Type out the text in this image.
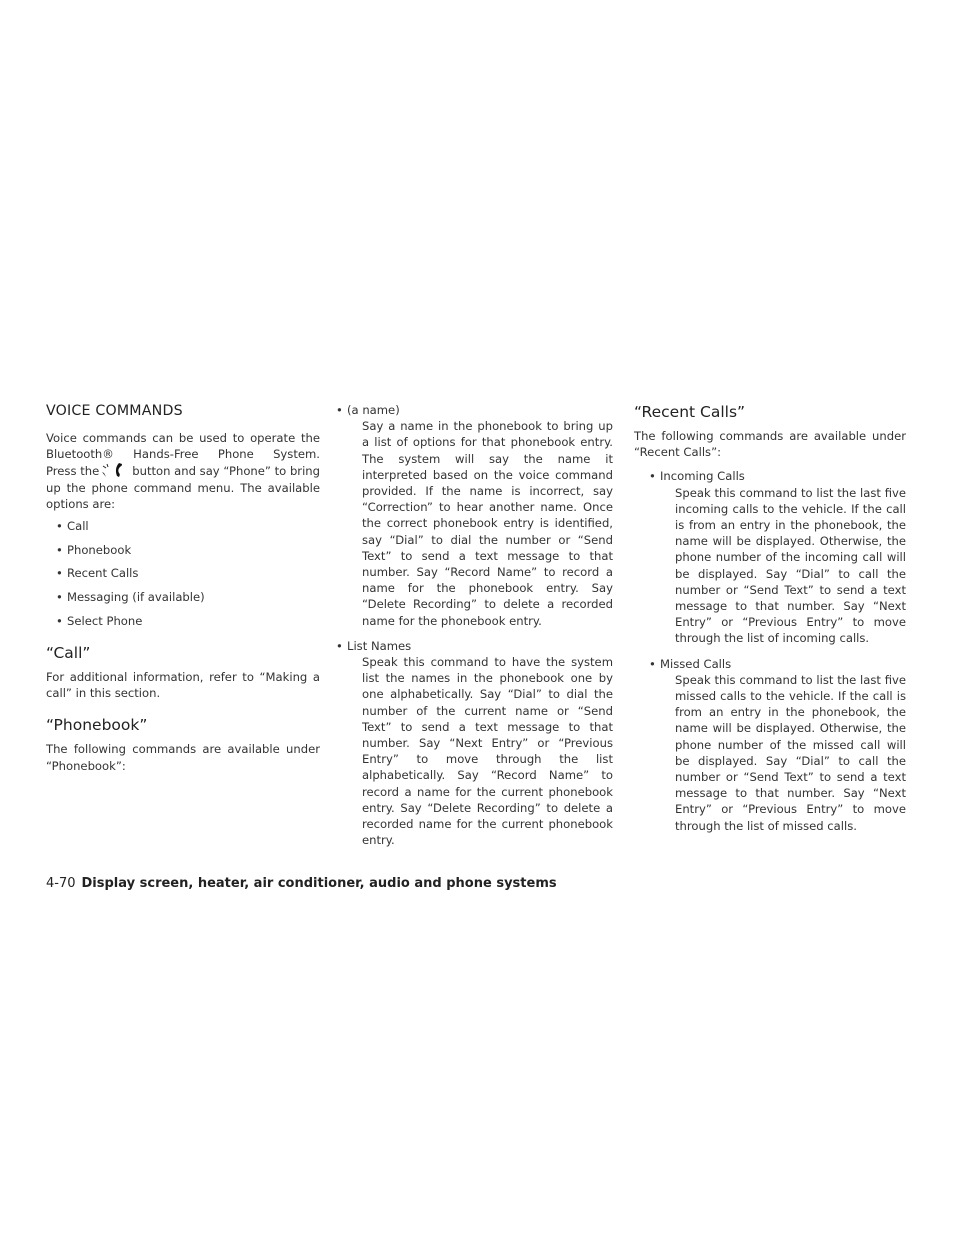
VOICE COMMANDS

Voice commands can be used to operate the Bluetooth® Hands-Free Phone System. Press the	button and say “Phone” to bring up the phone command menu. The available options are:

• Call
• Phonebook
• Recent Calls
• Messaging (if available)
• Select Phone
“Call”

For additional information, refer to “Making a call” in this section.

“Phonebook”

The following commands are available under “Phonebook”:

• (a name)

Say a name in the phonebook to bring up a list of options for that phonebook entry. The system will say the name it interpreted based on the voice command provided. If the name is incorrect, say “Correction” to hear another name. Once the correct phonebook entry is identified, say “Dial” to dial the number or “Send Text” to send a text message to that number. Say “Record Name” to record a name for the phonebook entry. Say “Delete Recording” to delete a recorded name for the phonebook entry.

• List Names

Speak this command to have the system list the names in the phonebook one by one alphabetically. Say “Dial” to dial the number of the current name or “Send Text” to send a text message to that number. Say “Next Entry” or “Previous Entry” to move through the list alphabetically. Say “Record Name” to record a name for the current phonebook entry. Say “Delete Recording” to delete a recorded name for the current phonebook entry.

“Recent Calls”

The following commands are available under “Recent Calls”:

• Incoming Calls

Speak this command to list the last five incoming calls to the vehicle. If the call is from an entry in the phonebook, the name will be displayed. Otherwise, the phone number of the incoming call will be displayed. Say “Dial” to call the number or “Send Text” to send a text message to that number. Say “Next Entry” or “Previous Entry” to move through the list of incoming calls.

• Missed Calls

Speak this command to list the last five missed calls to the vehicle. If the call is from an entry in the phonebook, the name will be displayed. Otherwise, the phone number of the missed call will be displayed. Say “Dial” to call the number or “Send Text” to send a text message to that number. Say “Next Entry” or “Previous Entry” to move through the list of missed calls.

4-70 Display screen, heater, air conditioner, audio and phone systems
